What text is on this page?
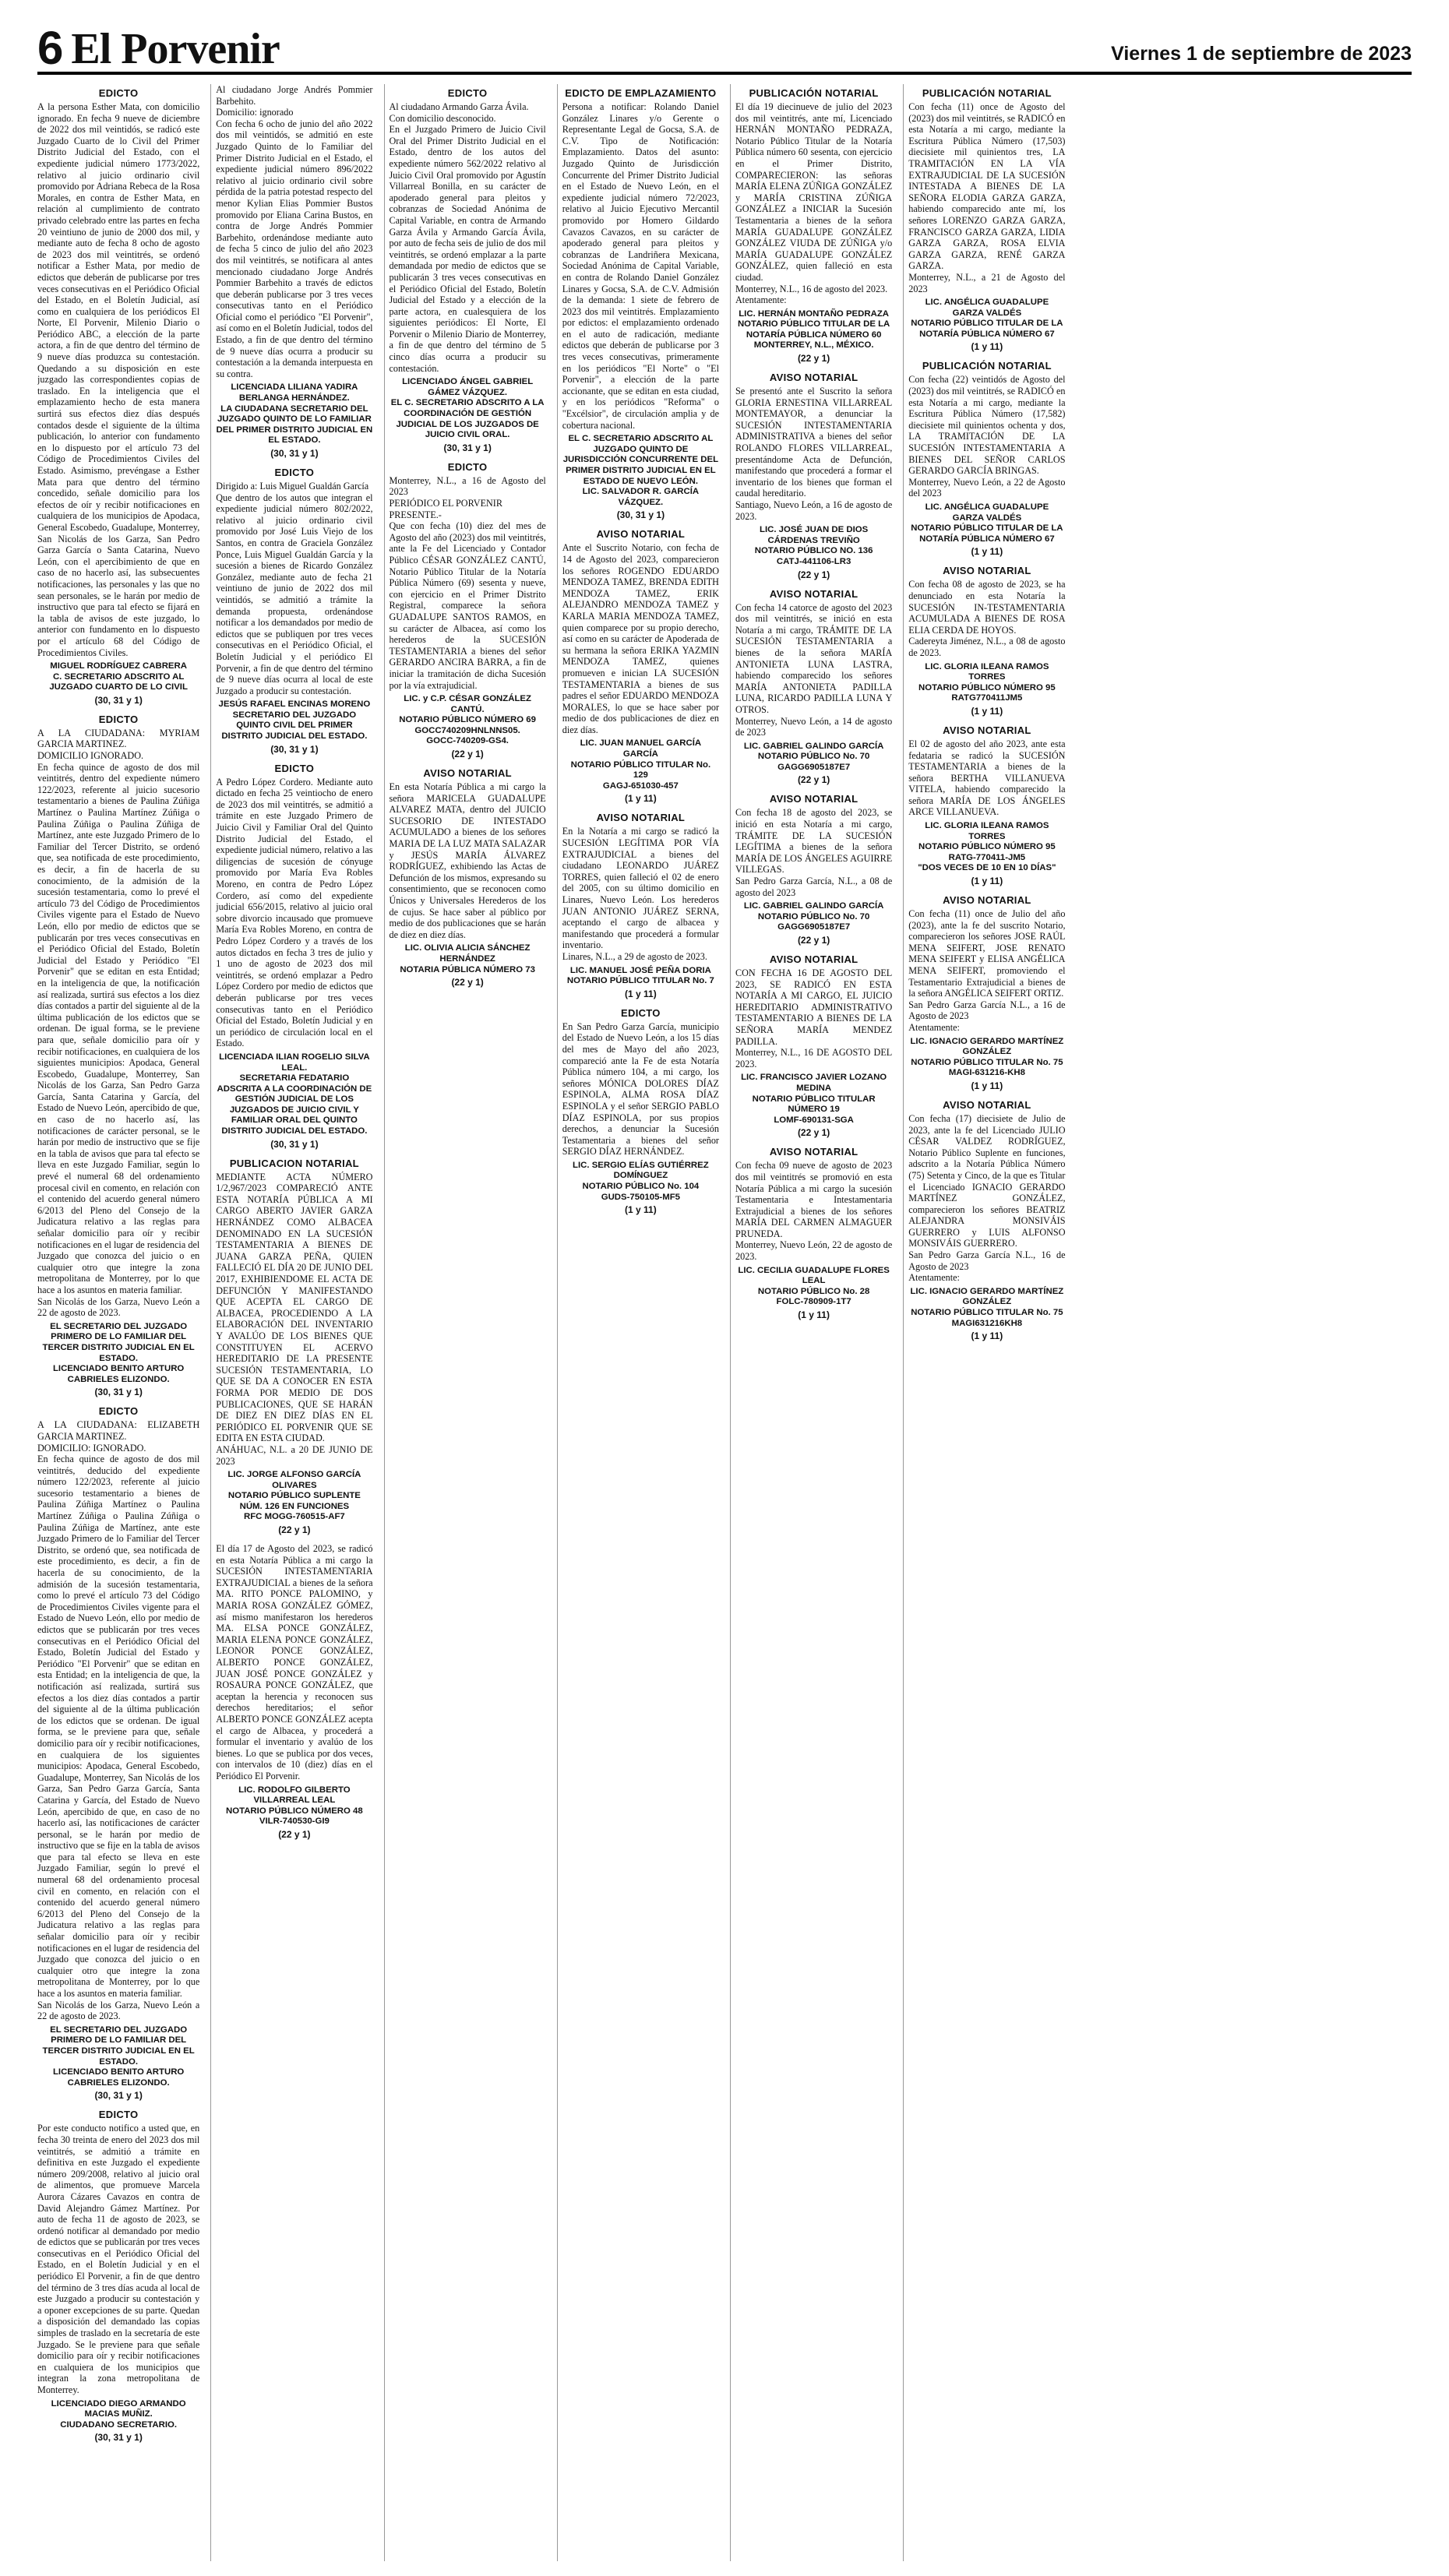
6 El Porvenir	Viernes 1 de septiembre de 2023
EDICTO
A la persona Esther Mata, con domicilio ignorado. En fecha 9 nueve de diciembre de 2022 dos mil veintidós, se radicó este Juzgado Cuarto de lo Civil del Primer Distrito Judicial del Estado, con el expediente judicial número 1773/2022, relativo al juicio ordinario civil promovido por Adriana Rebeca de la Rosa Morales, en contra de Esther Mata, en relación al cumplimiento de contrato privado celebrado entre las partes en fecha 20 veintiuno de junio de 2000 dos mil, y mediante auto de fecha 8 ocho de agosto de 2023 dos mil veintitrés, se ordenó notificar a Esther Mata, por medio de edictos que deberán de publicarse por tres veces consecutivas en el Periódico Oficial del Estado, en el Boletín Judicial, así como en cualquiera de los periódicos El Norte, El Porvenir, Milenio Diario o Periódico ABC, a elección de la parte actora, a fin de que dentro del término de 9 nueve días produzca su contestación. Quedando a su disposición en este juzgado las correspondientes copias de traslado. En la inteligencia que el emplazamiento hecho de esta manera surtirá sus efectos diez días después contados desde el siguiente de la última publicación, lo anterior con fundamento en lo dispuesto por el artículo 73 del Código de Procedimientos Civiles del Estado. Asimismo, prevéngase a Esther Mata para que dentro del término concedido, señale domicilio para los efectos de oír y recibir notificaciones en cualquiera de los municipios de Apodaca, General Escobedo, Guadalupe, Monterrey, San Nicolás de los Garza, San Pedro Garza García o Santa Catarina, Nuevo León, con el apercibimiento de que en caso de no hacerlo así, las subsecuentes notificaciones, las personales y las que no sean personales, se le harán por medio de instructivo que para tal efecto se fijará en la tabla de avisos de este juzgado, lo anterior con fundamento en lo dispuesto por el artículo 68 del Código de Procedimientos Civiles.
MIGUEL RODRÍGUEZ CABRERA
C. SECRETARIO ADSCRITO AL JUZGADO CUARTO DE LO CIVIL
(30, 31 y 1)
EDICTO
A LA CIUDADANA: MYRIAM GARCIA MARTINEZ.
DOMICILIO IGNORADO.
En fecha quince de agosto de dos mil veintitrés, dentro del expediente número 122/2023, referente al juicio sucesorio testamentario a bienes de Paulina Zúñiga Martínez o Paulina Martínez Zúñiga o Paulina Zúñiga o Paulina Zúñiga de Martínez, ante este Juzgado Primero de lo Familiar del Tercer Distrito, se ordenó que, sea notificada de este procedimiento, es decir, a fin de hacerla de su conocimiento, de la admisión de la sucesión testamentaria, como lo prevé el artículo 73 del Código de Procedimientos Civiles vigente para el Estado de Nuevo León, ello por medio de edictos que se publicarán por tres veces consecutivas en el Periódico Oficial del Estado, Boletín Judicial del Estado y Periódico "El Porvenir" que se editan en esta Entidad; en la inteligencia de que, la notificación así realizada, surtirá sus efectos a los diez días contados a partir del siguiente al de la última publicación de los edictos que se ordenan. De igual forma, se le previene para que, señale domicilio para oír y recibir notificaciones, en cualquiera de los siguientes municipios: Apodaca, General Escobedo, Guadalupe, Monterrey, San Nicolás de los Garza, San Pedro Garza García, Santa Catarina y García, del Estado de Nuevo León, apercibido de que, en caso de no hacerlo así, las notificaciones de carácter personal, se le harán por medio de instructivo que se fije en la tabla de avisos que para tal efecto se lleva en este Juzgado Familiar, según lo prevé el numeral 68 del ordenamiento procesal civil en comento, en relación con el contenido del acuerdo general número 6/2013 del Pleno del Consejo de la Judicatura relativo a las reglas para señalar domicilio para oír y recibir notificaciones en el lugar de residencia del Juzgado que conozca del juicio o en cualquier otro que integre la zona metropolitana de Monterrey, por lo que hace a los asuntos en materia familiar.
San Nicolás de los Garza, Nuevo León a 22 de agosto de 2023.
EL SECRETARIO DEL JUZGADO PRIMERO DE LO FAMILIAR DEL TERCER DISTRITO JUDICIAL EN EL ESTADO.
LICENCIADO BENITO ARTURO CABRIELES ELIZONDO.
(30, 31 y 1)
EDICTO
A LA CIUDADANA: ELIZABETH GARCIA MARTINEZ.
DOMICILIO: IGNORADO.
En fecha quince de agosto de dos mil veintitrés, deducido del expediente número 122/2023, referente al juicio sucesorio testamentario a bienes de Paulina Zúñiga Martínez o Paulina Martínez Zúñiga o Paulina Zúñiga o Paulina Zúñiga de Martínez, ante este Juzgado Primero de lo Familiar del Tercer Distrito, se ordenó que, sea notificada de este procedimiento, es decir, a fin de hacerla de su conocimiento, de la admisión de la sucesión testamentaria, como lo prevé el artículo 73 del Código de Procedimientos Civiles vigente para el Estado de Nuevo León, ello por medio de edictos que se publicarán por tres veces consecutivas en el Periódico Oficial del Estado, Boletín Judicial del Estado y Periódico "El Porvenir" que se editan en esta Entidad; en la inteligencia de que, la notificación así realizada, surtirá sus efectos a los diez días contados a partir del siguiente al de la última publicación de los edictos que se ordenan. De igual forma, se le previene para que, señale domicilio para oír y recibir notificaciones, en cualquiera de los siguientes municipios: Apodaca, General Escobedo, Guadalupe, Monterrey, San Nicolás de los Garza, San Pedro Garza García, Santa Catarina y García, del Estado de Nuevo León, apercibido de que, en caso de no hacerlo así, las notificaciones de carácter personal, se le harán por medio de instructivo que se fije en la tabla de avisos que para tal efecto se lleva en este Juzgado Familiar, según lo prevé el numeral 68 del ordenamiento procesal civil en comento, en relación con el contenido del acuerdo general número 6/2013 del Pleno del Consejo de la Judicatura relativo a las reglas para señalar domicilio para oír y recibir notificaciones en el lugar de residencia del Juzgado que conozca del juicio o en cualquier otro que integre la zona metropolitana de Monterrey, por lo que hace a los asuntos en materia familiar.
San Nicolás de los Garza, Nuevo León a 22 de agosto de 2023.
EL SECRETARIO DEL JUZGADO PRIMERO DE LO FAMILIAR DEL TERCER DISTRITO JUDICIAL EN EL ESTADO.
LICENCIADO BENITO ARTURO CABRIELES ELIZONDO.
(30, 31 y 1)
EDICTO
Por este conducto notifico a usted que, en fecha 30 treinta de enero del 2023 dos mil veintitrés, se admitió a trámite en definitiva en este Juzgado el expediente número 209/2008, relativo al juicio oral de alimentos, que promueve Marcela Aurora Cázares Cavazos en contra de David Alejandro Gámez Martínez. Por auto de fecha 11 de agosto de 2023, se ordenó notificar al demandado por medio de edictos que se publicarán por tres veces consecutivas en el Periódico Oficial del Estado, en el Boletín Judicial y en el periódico El Porvenir, a fin de que dentro del término de 3 tres días acuda al local de este Juzgado a producir su contestación y a oponer excepciones de su parte. Quedan a disposición del demandado las copias simples de traslado en la secretaría de este Juzgado. Se le previene para que señale domicilio para oír y recibir notificaciones en cualquiera de los municipios que integran la zona metropolitana de Monterrey.
LICENCIADO DIEGO ARMANDO MACIAS MUÑIZ.
CIUDADANO SECRETARIO.
(30, 31 y 1)
Al ciudadano Jorge Andrés Pommier Barbehito.
Domicilio: ignorado
Con fecha 6 ocho de junio del año 2022 dos mil veintidós, se admitió en este Juzgado Quinto de lo Familiar del Primer Distrito Judicial en el Estado, el expediente judicial número 896/2022 relativo al juicio ordinario civil sobre pérdida de la patria potestad respecto del menor Kylian Elias Pommier Bustos promovido por Eliana Carina Bustos, en contra de Jorge Andrés Pommier Barbehito, ordenándose mediante auto de fecha 5 cinco de julio del año 2023 dos mil veintitrés, se notificara al antes mencionado ciudadano Jorge Andrés Pommier Barbehito a través de edictos que deberán publicarse por 3 tres veces consecutivas tanto en el Periódico Oficial como el periódico "El Porvenir", así como en el Boletín Judicial, todos del Estado, a fin de que dentro del término de 9 nueve días ocurra a producir su contestación a la demanda interpuesta en su contra.
LICENCIADA LILIANA YADIRA BERLANGA HERNÁNDEZ.
LA CIUDADANA SECRETARIO DEL JUZGADO QUINTO DE LO FAMILIAR DEL PRIMER DISTRITO JUDICIAL EN EL ESTADO.
(30, 31 y 1)
EDICTO
Dirigido a: Luis Miguel Gualdán García
Que dentro de los autos que integran el expediente judicial número 802/2022, relativo al juicio ordinario civil promovido por José Luis Viejo de los Santos, en contra de Graciela González Ponce, Luis Miguel Gualdán García y la sucesión a bienes de Ricardo González González, mediante auto de fecha 21 veintiuno de junio de 2022 dos mil veintidós, se admitió a trámite la demanda propuesta, ordenándose notificar a los demandados por medio de edictos que se publiquen por tres veces consecutivas en el Periódico Oficial, el Boletín Judicial y el periódico El Porvenir, a fin de que dentro del término de 9 nueve días ocurra al local de este Juzgado a producir su contestación.
JESÚS RAFAEL ENCINAS MORENO
SECRETARIO DEL JUZGADO QUINTO CIVIL DEL PRIMER DISTRITO JUDICIAL DEL ESTADO.
(30, 31 y 1)
EDICTO
A Pedro López Cordero. Mediante auto dictado en fecha 25 veintiocho de enero de 2023 dos mil veintitrés, se admitió a trámite en este Juzgado Primero de Juicio Civil y Familiar Oral del Quinto Distrito Judicial del Estado, el expediente judicial número, relativo a las diligencias de sucesión de cónyuge promovido por María Eva Robles Moreno, en contra de Pedro López Cordero, así como del expediente judicial 656/2015, relativo al juicio oral sobre divorcio incausado que promueve María Eva Robles Moreno, en contra de Pedro López Cordero y a través de los autos dictados en fecha 3 tres de julio y 1 uno de agosto de 2023 dos mil veintitrés, se ordenó emplazar a Pedro López Cordero por medio de edictos que deberán publicarse por tres veces consecutivas tanto en el Periódico Oficial del Estado, Boletín Judicial y en un periódico de circulación local en el Estado.
LICENCIADA ILIAN ROGELIO SILVA LEAL.
SECRETARIA FEDATARIO ADSCRITA A LA COORDINACIÓN DE GESTIÓN JUDICIAL DE LOS JUZGADOS DE JUICIO CIVIL Y FAMILIAR ORAL DEL QUINTO DISTRITO JUDICIAL DEL ESTADO.
(30, 31 y 1)
PUBLICACION NOTARIAL
MEDIANTE ACTA NÚMERO 1/2,967/2023 COMPARECIÓ ANTE ESTA NOTARÍA PÚBLICA A MI CARGO ABERTO JAVIER GARZA HERNÁNDEZ COMO ALBACEA DENOMINADO EN LA SUCESIÓN TESTAMENTARIA A BIENES DE JUANA GARZA PEÑA, QUIEN FALLECIÓ EL DÍA 20 DE JUNIO DEL 2017, EXHIBIENDOME EL ACTA DE DEFUNCIÓN Y MANIFESTANDO QUE ACEPTA EL CARGO DE ALBACEA, PROCEDIENDO A LA ELABORACIÓN DEL INVENTARIO Y AVALÚO DE LOS BIENES QUE CONSTITUYEN EL ACERVO HEREDITARIO DE LA PRESENTE SUCESIÓN TESTAMENTARIA, LO QUE SE DA A CONOCER EN ESTA FORMA POR MEDIO DE DOS PUBLICACIONES, QUE SE HARÁN DE DIEZ EN DIEZ DÍAS EN EL PERIÓDICO EL PORVENIR QUE SE EDITA EN ESTA CIUDAD.
ANÁHUAC, N.L. a 20 DE JUNIO DE 2023
LIC. JORGE ALFONSO GARCÍA OLIVARES
NOTARIO PÚBLICO SUPLENTE NÚM. 126 EN FUNCIONES
RFC MOGG-760515-AF7
(22 y 1)
El día 17 de Agosto del 2023, se radicó en esta Notaría Pública a mi cargo la SUCESIÓN INTESTAMENTARIA EXTRAJUDICIAL a bienes de la señora MA. RITO PONCE PALOMINO, y MARIA ROSA GONZÁLEZ GÓMEZ, así mismo manifestaron los herederos MA. ELSA PONCE GONZÁLEZ, MARIA ELENA PONCE GONZÁLEZ, LEONOR PONCE GONZÁLEZ, ALBERTO PONCE GONZÁLEZ, JUAN JOSÉ PONCE GONZÁLEZ y ROSAURA PONCE GONZÁLEZ, que aceptan la herencia y reconocen sus derechos hereditarios; el señor ALBERTO PONCE GONZÁLEZ acepta el cargo de Albacea, y procederá a formular el inventario y avalúo de los bienes. Lo que se publica por dos veces, con intervalos de 10 (diez) días en el Periódico El Porvenir.
LIC. RODOLFO GILBERTO VILLARREAL LEAL
NOTARIO PÚBLICO NÚMERO 48
VILR-740530-GI9
(22 y 1)
EDICTO
Al ciudadano Armando Garza Ávila.
Con domicilio desconocido.
En el Juzgado Primero de Juicio Civil Oral del Primer Distrito Judicial en el Estado, dentro de los autos del expediente número 562/2022 relativo al Juicio Civil Oral promovido por Agustín Villarreal Bonilla, en su carácter de apoderado general para pleitos y cobranzas de Sociedad Anónima de Capital Variable, en contra de Armando Garza Ávila y Armando García Ávila, por auto de fecha seis de julio de dos mil veintitrés, se ordenó emplazar a la parte demandada por medio de edictos que se publicarán 3 tres veces consecutivas en el Periódico Oficial del Estado, Boletín Judicial del Estado y a elección de la parte actora, en cualesquiera de los siguientes periódicos: El Norte, El Porvenir o Milenio Diario de Monterrey, a fin de que dentro del término de 5 cinco días ocurra a producir su contestación.
LICENCIADO ÁNGEL GABRIEL GÁMEZ VÁZQUEZ.
EL C. SECRETARIO ADSCRITO A LA COORDINACIÓN DE GESTIÓN JUDICIAL DE LOS JUZGADOS DE JUICIO CIVIL ORAL.
(30, 31 y 1)
EDICTO
Monterrey, N.L., a 16 de Agosto del 2023
PERIÓDICO EL PORVENIR
PRESENTE.-
Que con fecha (10) diez del mes de Agosto del año (2023) dos mil veintitrés, ante la Fe del Licenciado y Contador Público CÉSAR GONZÁLEZ CANTÚ, Notario Público Titular de la Notaría Pública Número (69) sesenta y nueve, con ejercicio en el Primer Distrito Registral, comparece la señora GUADALUPE SANTOS RAMOS, en su carácter de Albacea, así como los herederos de la SUCESIÓN TESTAMENTARIA a bienes del señor GERARDO ANCIRA BARRA, a fin de iniciar la tramitación de dicha Sucesión por la vía extrajudicial.
LIC. y C.P. CÉSAR GONZÁLEZ CANTÚ.
NOTARIO PÚBLICO NÚMERO 69
GOCC740209HNLNNS05.
GOCC-740209-GS4.
(22 y 1)
AVISO NOTARIAL
En esta Notaría Pública a mi cargo la señora MARICELA GUADALUPE ALVAREZ MATA, dentro del JUICIO SUCESORIO DE INTESTADO ACUMULADO a bienes de los señores MARIA DE LA LUZ MATA SALAZAR y JESÚS MARÍA ÁLVAREZ RODRÍGUEZ, exhibiendo las Actas de Defunción de los mismos, expresando su consentimiento, que se reconocen como Únicos y Universales Herederos de los de cujus. Se hace saber al público por medio de dos publicaciones que se harán de diez en diez días.
LIC. OLIVIA ALICIA SÁNCHEZ HERNÁNDEZ
NOTARIA PÚBLICA NÚMERO 73
(22 y 1)
EDICTO DE EMPLAZAMIENTO
Persona a notificar: Rolando Daniel González Linares y/o Gerente o Representante Legal de Gocsa, S.A. de C.V. Tipo de Notificación: Emplazamiento. Datos del asunto: Juzgado Quinto de Jurisdicción Concurrente del Primer Distrito Judicial en el Estado de Nuevo León, en el expediente judicial número 72/2023, relativo al Juicio Ejecutivo Mercantil promovido por Homero Gildardo Cavazos Cavazos, en su carácter de apoderado general para pleitos y cobranzas de Landriñera Mexicana, Sociedad Anónima de Capital Variable, en contra de Rolando Daniel González Linares y Gocsa, S.A. de C.V. Admisión de la demanda: 1 siete de febrero de 2023 dos mil veintitrés. Emplazamiento por edictos: el emplazamiento ordenado en el auto de radicación, mediante edictos que deberán de publicarse por 3 tres veces consecutivas, primeramente en los periódicos "El Norte" o "El Porvenir", a elección de la parte accionante, que se editan en esta ciudad, y en los periódicos "Reforma" o "Excélsior", de circulación amplia y de cobertura nacional.
EL C. SECRETARIO ADSCRITO AL JUZGADO QUINTO DE JURISDICCIÓN CONCURRENTE DEL PRIMER DISTRITO JUDICIAL EN EL ESTADO DE NUEVO LEÓN.
LIC. SALVADOR R. GARCÍA VÁZQUEZ.
(30, 31 y 1)
AVISO NOTARIAL
Ante el Suscrito Notario, con fecha de 14 de Agosto del 2023, comparecieron los señores ROGENDO EDUARDO MENDOZA TAMEZ, BRENDA EDITH MENDOZA TAMEZ, ERIK ALEJANDRO MENDOZA TAMEZ y KARLA MARIA MENDOZA TAMEZ, quien comparece por su propio derecho, así como en su carácter de Apoderada de su hermana la señora ERIKA YAZMIN MENDOZA TAMEZ, quienes promueven e inician LA SUCESIÓN TESTAMENTARIA a bienes de sus padres el señor EDUARDO MENDOZA MORALES, lo que se hace saber por medio de dos publicaciones de diez en diez días.
LIC. JUAN MANUEL GARCÍA GARCÍA
NOTARIO PÚBLICO TITULAR No. 129
GAGJ-651030-457
(1 y 11)
AVISO NOTARIAL
En la Notaría a mi cargo se radicó la SUCESIÓN LEGÍTIMA POR VÍA EXTRAJUDICIAL a bienes del ciudadano LEONARDO JUÁREZ TORRES, quien falleció el 02 de enero del 2005, con su último domicilio en Linares, Nuevo León. Los herederos JUAN ANTONIO JUÁREZ SERNA, aceptando el cargo de albacea y manifestando que procederá a formular inventario.
Linares, N.L., a 29 de agosto de 2023.
LIC. MANUEL JOSÉ PEÑA DORIA
NOTARIO PÚBLICO TITULAR No. 7
(1 y 11)
EDICTO
En San Pedro Garza García, municipio del Estado de Nuevo León, a los 15 días del mes de Mayo del año 2023, compareció ante la Fe de esta Notaría Pública número 104, a mi cargo, los señores MÓNICA DOLORES DÍAZ ESPINOLA, ALMA ROSA DÍAZ ESPINOLA y el señor SERGIO PABLO DÍAZ ESPINOLA, por sus propios derechos, a denunciar la Sucesión Testamentaria a bienes del señor SERGIO DÍAZ HERNÁNDEZ.
LIC. SERGIO ELÍAS GUTIÉRREZ DOMÍNGUEZ
NOTARIO PÚBLICO No. 104
GUDS-750105-MF5
(1 y 11)
PUBLICACIÓN NOTARIAL
El día 19 diecinueve de julio del 2023 dos mil veintitrés, ante mí, Licenciado HERNÁN MONTAÑO PEDRAZA, Notario Público Titular de la Notaría Pública número 60 sesenta, con ejercicio en el Primer Distrito, COMPARECIERON: las señoras MARÍA ELENA ZÚÑIGA GONZÁLEZ y MARÍA CRISTINA ZÚÑIGA GONZÁLEZ a INICIAR la Sucesión Testamentaria a bienes de la señora MARÍA GUADALUPE GONZÁLEZ GONZÁLEZ VIUDA DE ZÚÑIGA y/o MARÍA GUADALUPE GONZÁLEZ GONZÁLEZ, quien falleció en esta ciudad.
Monterrey, N.L., 16 de agosto del 2023.
Atentamente:
LIC. HERNÁN MONTAÑO PEDRAZA
NOTARIO PÚBLICO TITULAR DE LA NOTARÍA PÚBLICA NÚMERO 60
MONTERREY, N.L., MÉXICO.
(22 y 1)
AVISO NOTARIAL
Se presentó ante el Suscrito la señora GLORIA ERNESTINA VILLARREAL MONTEMAYOR, a denunciar la SUCESIÓN INTESTAMENTARIA ADMINISTRATIVA a bienes del señor ROLANDO FLORES VILLARREAL, presentándome Acta de Defunción, manifestando que procederá a formar el inventario de los bienes que forman el caudal hereditario.
Santiago, Nuevo León, a 16 de agosto de 2023.
LIC. JOSÉ JUAN DE DIOS CÁRDENAS TREVIÑO
NOTARIO PÚBLICO NO. 136
CATJ-441106-LR3
(22 y 1)
AVISO NOTARIAL
Con fecha 14 catorce de agosto del 2023 dos mil veintitrés, se inició en esta Notaría a mi cargo, TRÁMITE DE LA SUCESIÓN TESTAMENTARIA a bienes de la señora MARÍA ANTONIETA LUNA LASTRA, habiendo comparecido los señores MARÍA ANTONIETA PADILLA LUNA, RICARDO PADILLA LUNA Y OTROS.
Monterrey, Nuevo León, a 14 de agosto de 2023
LIC. GABRIEL GALINDO GARCÍA
NOTARIO PÚBLICO No. 70
GAGG6905187E7
(22 y 1)
AVISO NOTARIAL
Con fecha 18 de agosto del 2023, se inició en esta Notaría a mi cargo, TRÁMITE DE LA SUCESIÓN LEGÍTIMA a bienes de la señora MARÍA DE LOS ÁNGELES AGUIRRE VILLEGAS.
San Pedro Garza García, N.L., a 08 de agosto del 2023
LIC. GABRIEL GALINDO GARCÍA
NOTARIO PÚBLICO No. 70
GAGG6905187E7
(22 y 1)
AVISO NOTARIAL
CON FECHA 16 DE AGOSTO DEL 2023, SE RADICÓ EN ESTA NOTARÍA A MI CARGO, EL JUICIO HEREDITARIO ADMINISTRATIVO TESTAMENTARIO A BIENES DE LA SEÑORA MARÍA MENDEZ PADILLA.
Monterrey, N.L., 16 DE AGOSTO DEL 2023.
LIC. FRANCISCO JAVIER LOZANO MEDINA
NOTARIO PÚBLICO TITULAR NÚMERO 19
LOMF-690131-SGA
(22 y 1)
AVISO NOTARIAL
Con fecha 09 nueve de agosto de 2023 dos mil veintitrés se promovió en esta Notaría Pública a mi cargo la sucesión Testamentaria e Intestamentaria Extrajudicial a bienes de los señores MARÍA DEL CARMEN ALMAGUER PRUNEDA.
Monterrey, Nuevo León, 22 de agosto de 2023.
LIC. CECILIA GUADALUPE FLORES LEAL
NOTARIO PÚBLICO No. 28
FOLC-780909-1T7
(1 y 11)
PUBLICACIÓN NOTARIAL
Con fecha (11) once de Agosto del (2023) dos mil veintitrés, se RADICÓ en esta Notaría a mi cargo, mediante la Escritura Pública Número (17,503) diecisiete mil quinientos tres, LA TRAMITACIÓN EN LA VÍA EXTRAJUDICIAL DE LA SUCESIÓN INTESTADA A BIENES DE LA SEÑORA ELODIA GARZA GARZA, habiendo comparecido ante mí, los señores LORENZO GARZA GARZA, FRANCISCO GARZA GARZA, LIDIA GARZA GARZA, ROSA ELVIA GARZA GARZA, RENÉ GARZA GARZA.
Monterrey, N.L., a 21 de Agosto del 2023
LIC. ANGÉLICA GUADALUPE GARZA VALDÉS
NOTARIO PÚBLICO TITULAR DE LA NOTARÍA PÚBLICA NÚMERO 67
(1 y 11)
PUBLICACIÓN NOTARIAL
Con fecha (22) veintidós de Agosto del (2023) dos mil veintitrés, se RADICÓ en esta Notaría a mi cargo, mediante la Escritura Pública Número (17,582) diecisiete mil quinientos ochenta y dos, LA TRAMITACIÓN DE LA SUCESIÓN INTESTAMENTARIA A BIENES DEL SEÑOR CARLOS GERARDO GARCÍA BRINGAS.
Monterrey, Nuevo León, a 22 de Agosto del 2023
LIC. ANGÉLICA GUADALUPE GARZA VALDÉS
NOTARIO PÚBLICO TITULAR DE LA NOTARÍA PÚBLICA NÚMERO 67
(1 y 11)
AVISO NOTARIAL
Con fecha 08 de agosto de 2023, se ha denunciado en esta Notaría la SUCESIÓN IN-TESTAMENTARIA ACUMULADA A BIENES DE ROSA ELIA CERDA DE HOYOS.
Cadereyta Jiménez, N.L., a 08 de agosto de 2023.
LIC. GLORIA ILEANA RAMOS TORRES
NOTARIO PÚBLICO NÚMERO 95
RATG770411JM5
(1 y 11)
AVISO NOTARIAL
El 02 de agosto del año 2023, ante esta fedataria se radicó la SUCESIÓN TESTAMENTARIA a bienes de la señora BERTHA VILLANUEVA VITELA, habiendo comparecido la señora MARÍA DE LOS ÁNGELES ARCE VILLANUEVA.
LIC. GLORIA ILEANA RAMOS TORRES
NOTARIO PÚBLICO NÚMERO 95
RATG-770411-JM5
"DOS VECES DE 10 EN 10 DÍAS"
(1 y 11)
AVISO NOTARIAL
Con fecha (11) once de Julio del año (2023), ante la fe del suscrito Notario, comparecieron los señores JOSE RAÚL MENA SEIFERT, JOSE RENATO MENA SEIFERT y ELISA ANGÉLICA MENA SEIFERT, promoviendo el Testamentario Extrajudicial a bienes de la señora ANGÉLICA SEIFERT ORTIZ.
San Pedro Garza García N.L., a 16 de Agosto de 2023
Atentamente:
LIC. IGNACIO GERARDO MARTÍNEZ GONZÁLEZ
NOTARIO PÚBLICO TITULAR No. 75
MAGI-631216-KH8
(1 y 11)
AVISO NOTARIAL
Con fecha (17) diecisiete de Julio de 2023, ante la fe del Licenciado JULIO CÉSAR VALDEZ RODRÍGUEZ, Notario Público Suplente en funciones, adscrito a la Notaría Pública Número (75) Setenta y Cinco, de la que es Titular el Licenciado IGNACIO GERARDO MARTÍNEZ GONZÁLEZ, comparecieron los señores BEATRIZ ALEJANDRA MONSIVÁIS GUERRERO y LUIS ALFONSO MONSIVÁIS GUERRERO.
San Pedro Garza García N.L., 16 de Agosto de 2023
Atentamente:
LIC. IGNACIO GERARDO MARTÍNEZ GONZÁLEZ
NOTARIO PÚBLICO TITULAR No. 75
MAGI631216KH8
(1 y 11)
